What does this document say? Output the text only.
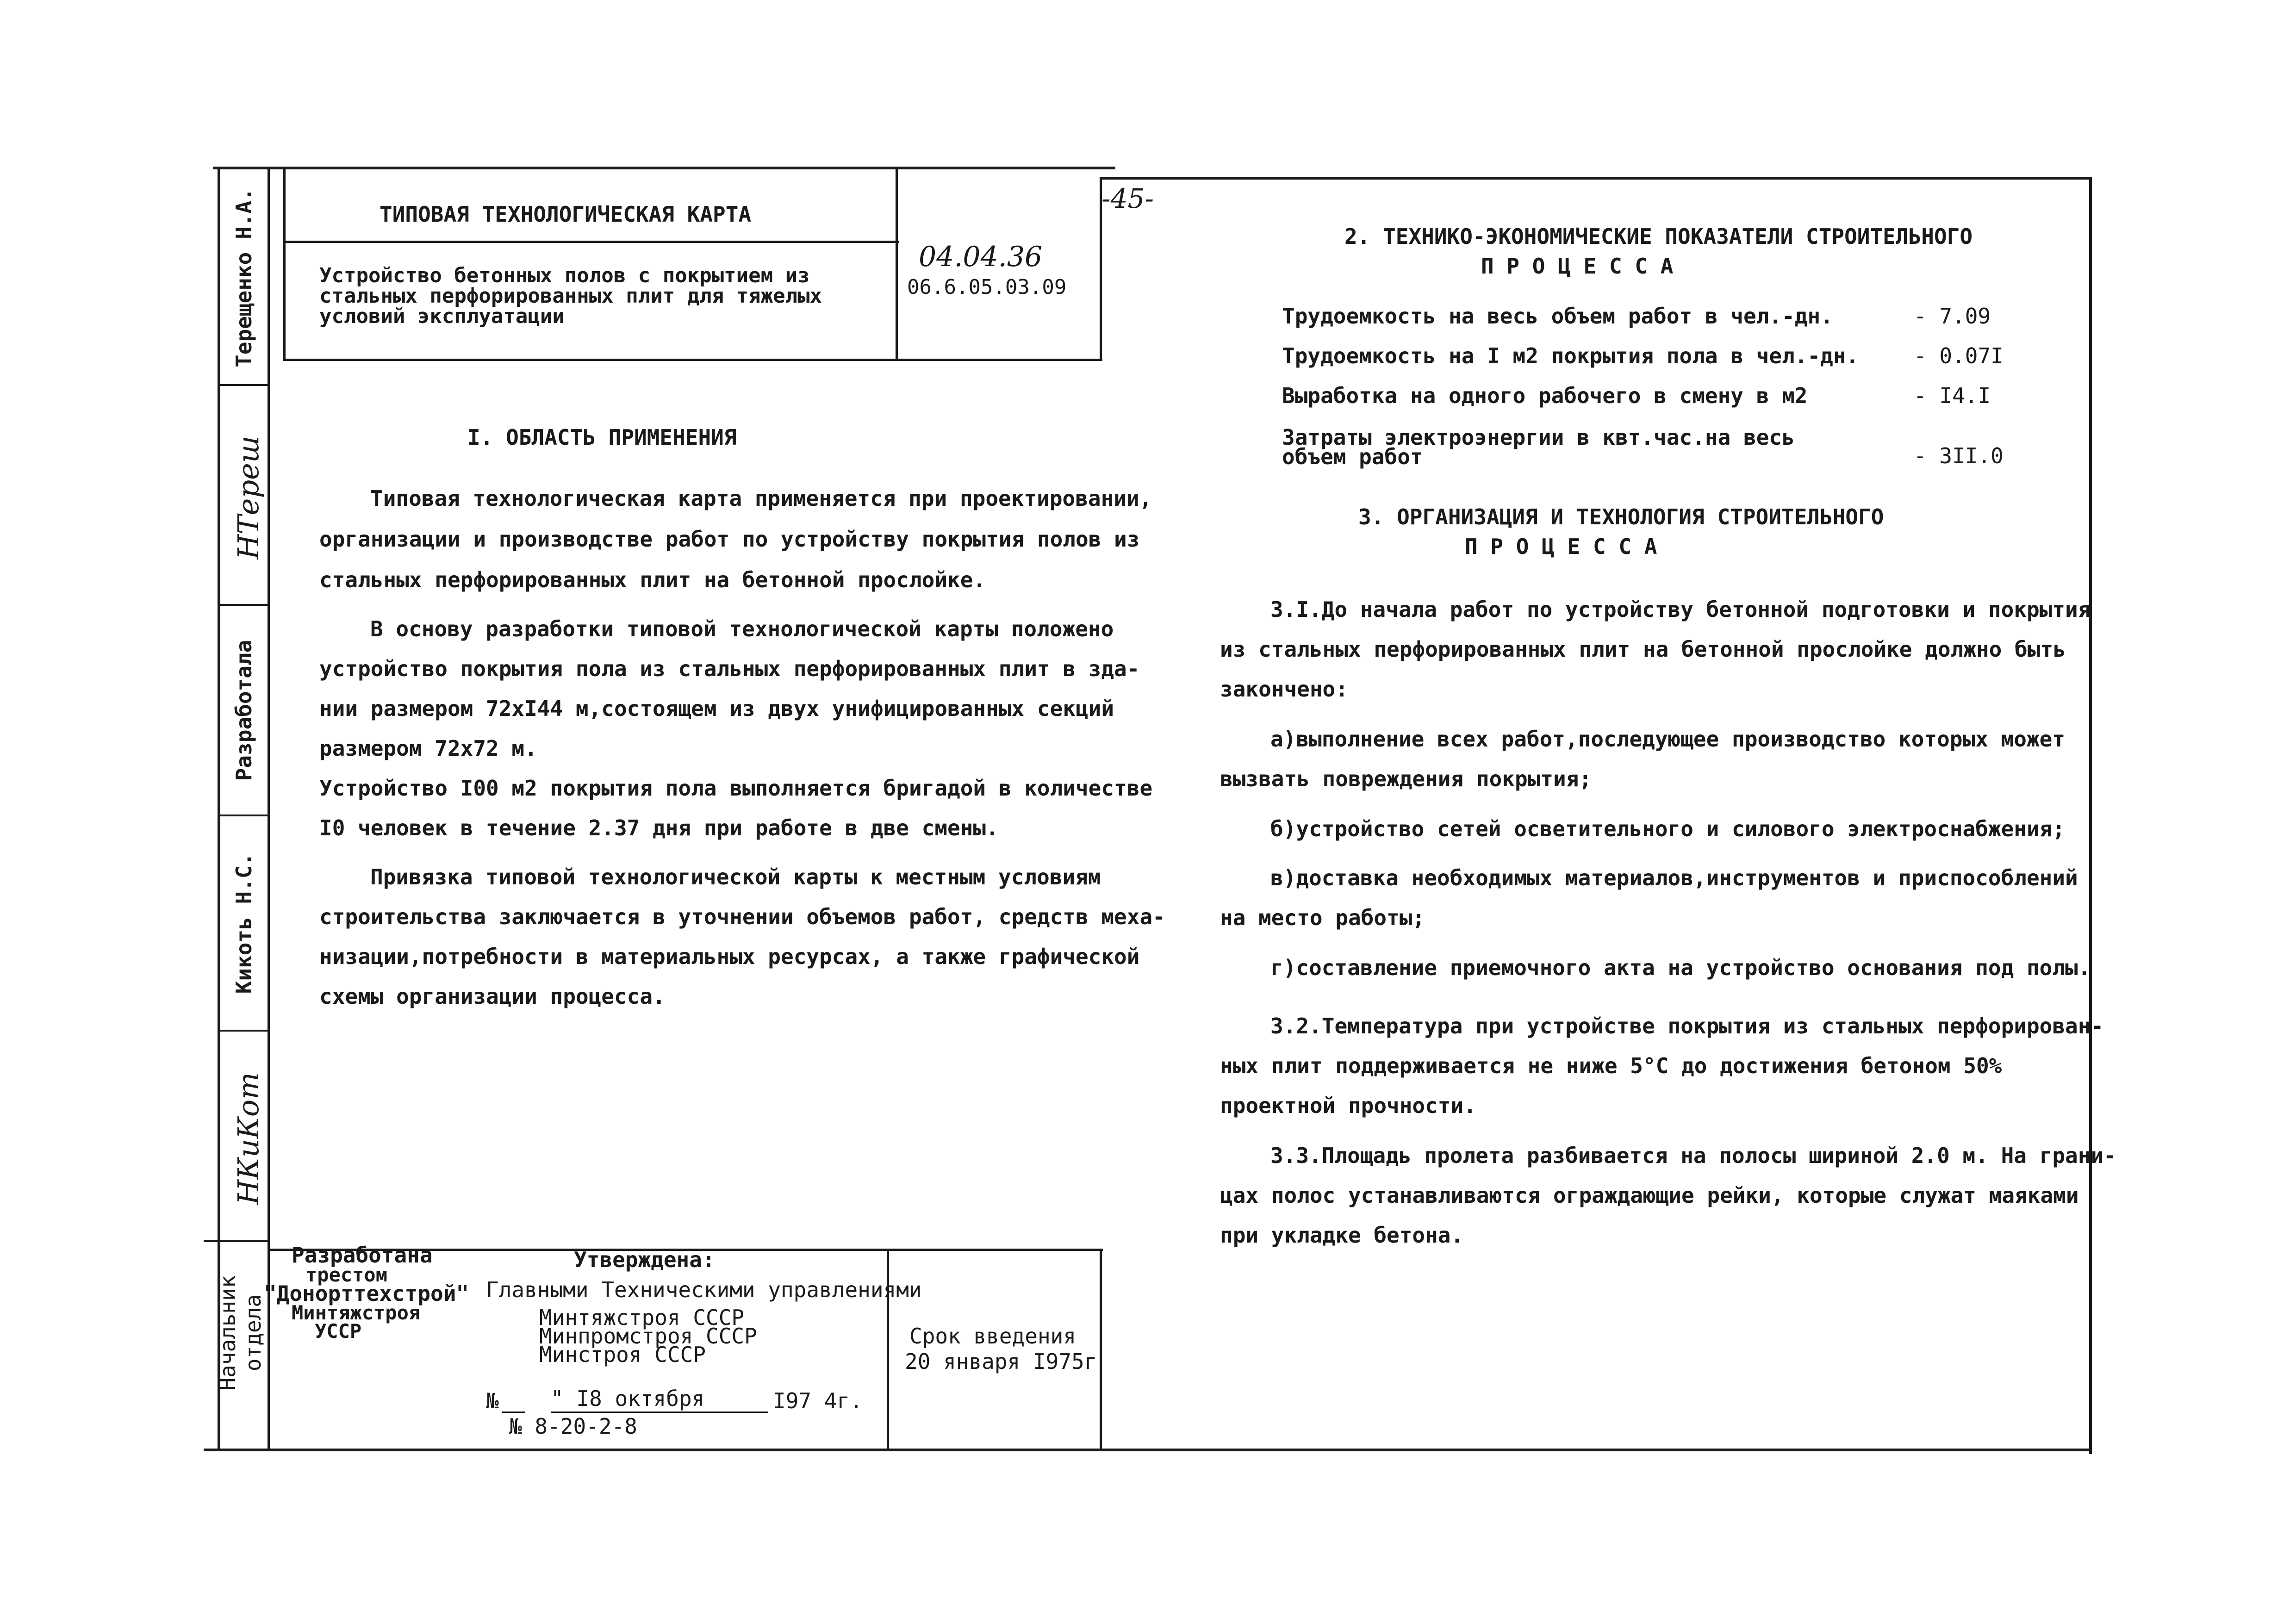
Терещенко Н.А.
НТереш
Разработала
Кикоть Н.С.
НКиКот
Начальник отдела
ТИПОВАЯ ТЕХНОЛОГИЧЕСКАЯ КАРТА
Устройство бетонных полов с покрытием из
стальных перфорированных плит для тяжелых
условий эксплуатации
04.04.36
06.6.05.03.09
-45-
I. ОБЛАСТЬ ПРИМЕНЕНИЯ
Типовая технологическая карта применяется при проектировании,
организации и производстве работ по устройству покрытия полов из
стальных перфорированных плит на бетонной прослойке.
В основу разработки типовой технологической карты положено
устройство покрытия пола из стальных перфорированных плит в зда-
нии размером 72xI44 м,состоящем из двух унифицированных секций
размером 72x72 м.
Устройство I00 м2 покрытия пола выполняется бригадой в количестве
I0 человек в течение 2.37 дня при работе в две смены.
Привязка типовой технологической карты к местным условиям
строительства заключается в уточнении объемов работ, средств меха-
низации,потребности в материальных ресурсах, а также графической
схемы организации процесса.
2. ТЕХНИКО-ЭКОНОМИЧЕСКИЕ ПОКАЗАТЕЛИ СТРОИТЕЛЬНОГО
П Р О Ц Е С С А
Трудоемкость на весь объем работ в чел.-дн.	- 7.09
Трудоемкость на I м2 покрытия пола в чел.-дн.	- 0.07I
Выработка на одного рабочего в смену в м2	- I4.I
Затраты электроэнергии в квт.час.на весь
объем работ	- 3II.0
3. ОРГАНИЗАЦИЯ И ТЕХНОЛОГИЯ СТРОИТЕЛЬНОГО
П Р О Ц Е С С А
3.I.До начала работ по устройству бетонной подготовки и покрытия
из стальных перфорированных плит на бетонной прослойке должно быть
закончено:
а)выполнение всех работ,последующее производство которых может
вызвать повреждения покрытия;
б)устройство сетей осветительного и силового электроснабжения;
в)доставка необходимых материалов,инструментов и приспособлений
на место работы;
г)составление приемочного акта на устройство основания под полы.
3.2.Температура при устройстве покрытия из стальных перфорирован-
ных плит поддерживается не ниже 5°С до достижения бетоном 50%
проектной прочности.
3.3.Площадь пролета разбивается на полосы шириной 2.0 м. На грани-
цах полос устанавливаются ограждающие рейки, которые служат маяками
при укладке бетона.
Разработана
трестом
"Донорттехстрой"
Минтяжстроя
УССР
Утверждена:
Главными Техническими управлениями
Минтяжстроя СССР
Минпромстроя СССР
Минстроя СССР
№ " I8 октября	I97 4г.
№ 8-20-2-8
Срок введения
20 января I975г
